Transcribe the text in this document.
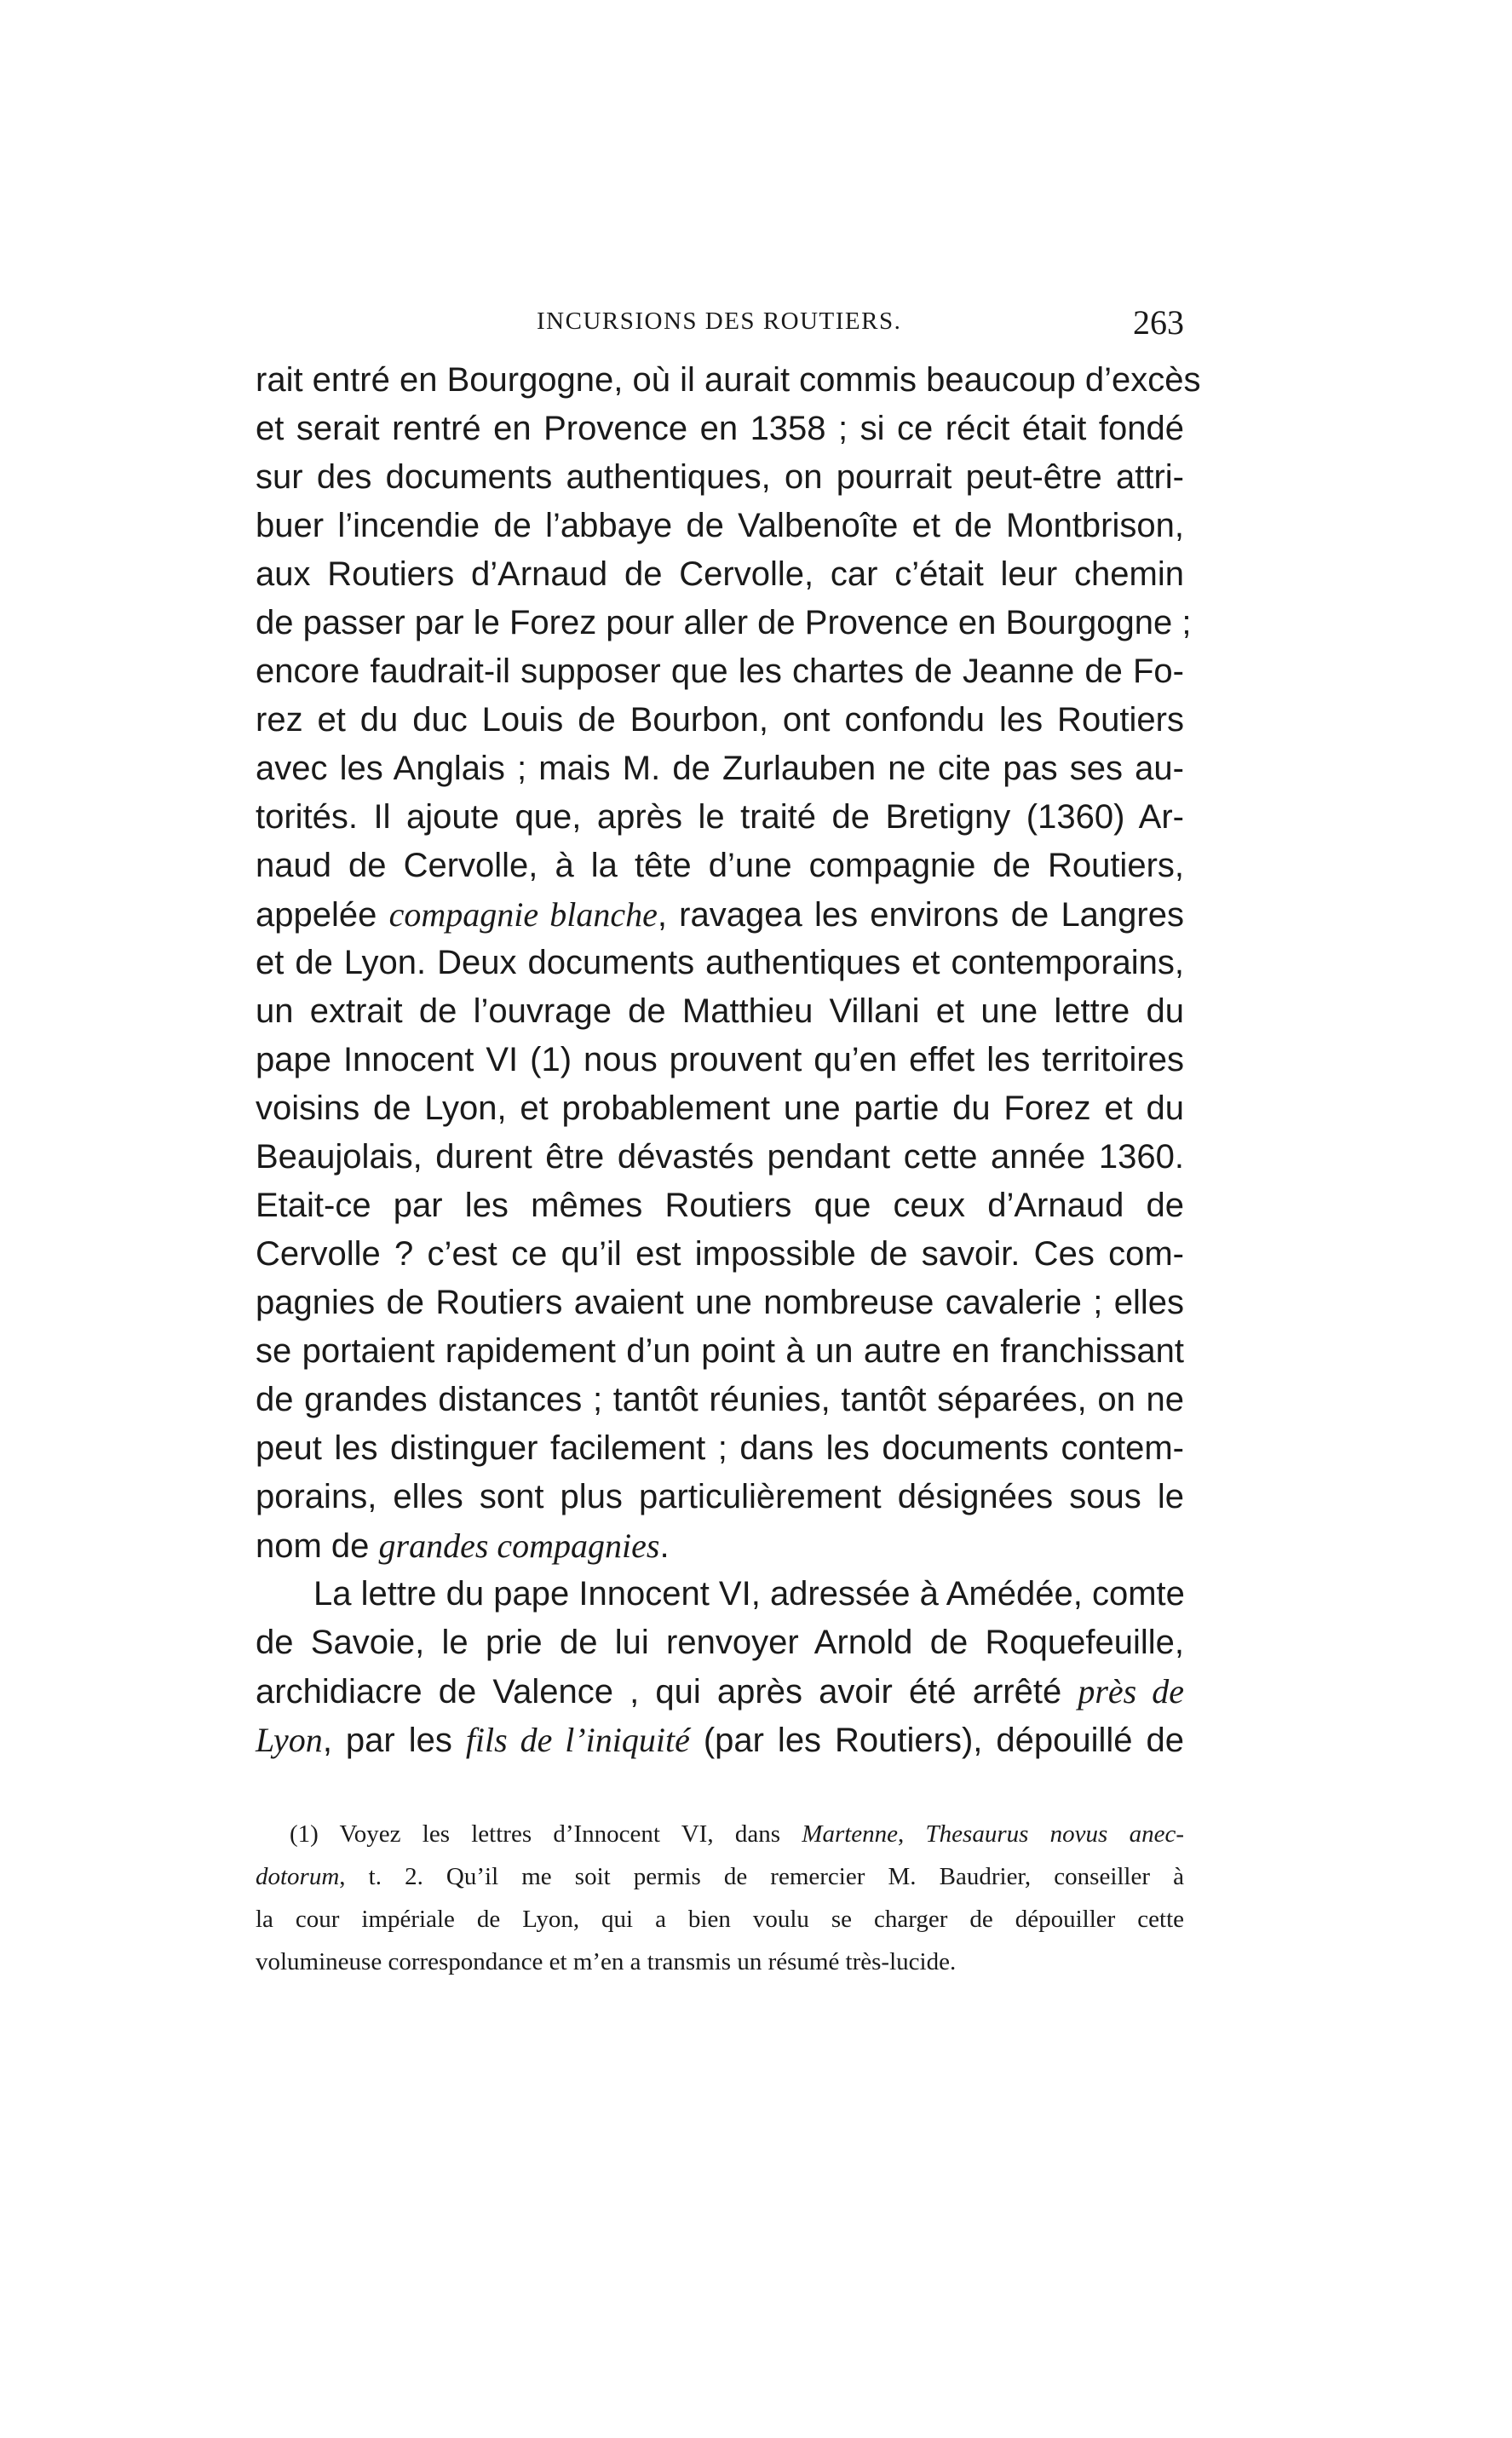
INCURSIONS DES ROUTIERS.	263
rait entré en Bourgogne, où il aurait commis beaucoup d’excès
et serait rentré en Provence en 1358 ; si ce récit était fondé
sur des documents authentiques, on pourrait peut-être attri-
buer l’incendie de l’abbaye de Valbenoîte et de Montbrison,
aux Routiers d’Arnaud de Cervolle, car c’était leur chemin
de passer par le Forez pour aller de Provence en Bourgogne ;
encore faudrait-il supposer que les chartes de Jeanne de Fo-
rez et du duc Louis de Bourbon, ont confondu les Routiers
avec les Anglais ; mais M. de Zurlauben ne cite pas ses au-
torités. Il ajoute que, après le traité de Bretigny (1360) Ar-
naud de Cervolle, à la tête d’une compagnie de Routiers,
appelée compagnie blanche, ravagea les environs de Langres
et de Lyon. Deux documents authentiques et contemporains,
un extrait de l’ouvrage de Matthieu Villani et une lettre du
pape Innocent VI (1) nous prouvent qu’en effet les territoires
voisins de Lyon, et probablement une partie du Forez et du
Beaujolais, durent être dévastés pendant cette année 1360.
Etait-ce par les mêmes Routiers que ceux d’Arnaud de
Cervolle ? c’est ce qu’il est impossible de savoir. Ces com-
pagnies de Routiers avaient une nombreuse cavalerie ; elles
se portaient rapidement d’un point à un autre en franchissant
de grandes distances ; tantôt réunies, tantôt séparées, on ne
peut les distinguer facilement ; dans les documents contem-
porains, elles sont plus particulièrement désignées sous le
nom de grandes compagnies.
La lettre du pape Innocent VI, adressée à Amédée, comte
de Savoie, le prie de lui renvoyer Arnold de Roquefeuille,
archidiacre de Valence , qui après avoir été arrêté près de
Lyon, par les fils de l’iniquité (par les Routiers), dépouillé de
(1) Voyez les lettres d’Innocent VI, dans Martenne, Thesaurus novus anec-
dotorum, t. 2. Qu’il me soit permis de remercier M. Baudrier, conseiller à
la cour impériale de Lyon, qui a bien voulu se charger de dépouiller cette
volumineuse correspondance et m’en a transmis un résumé très-lucide.
